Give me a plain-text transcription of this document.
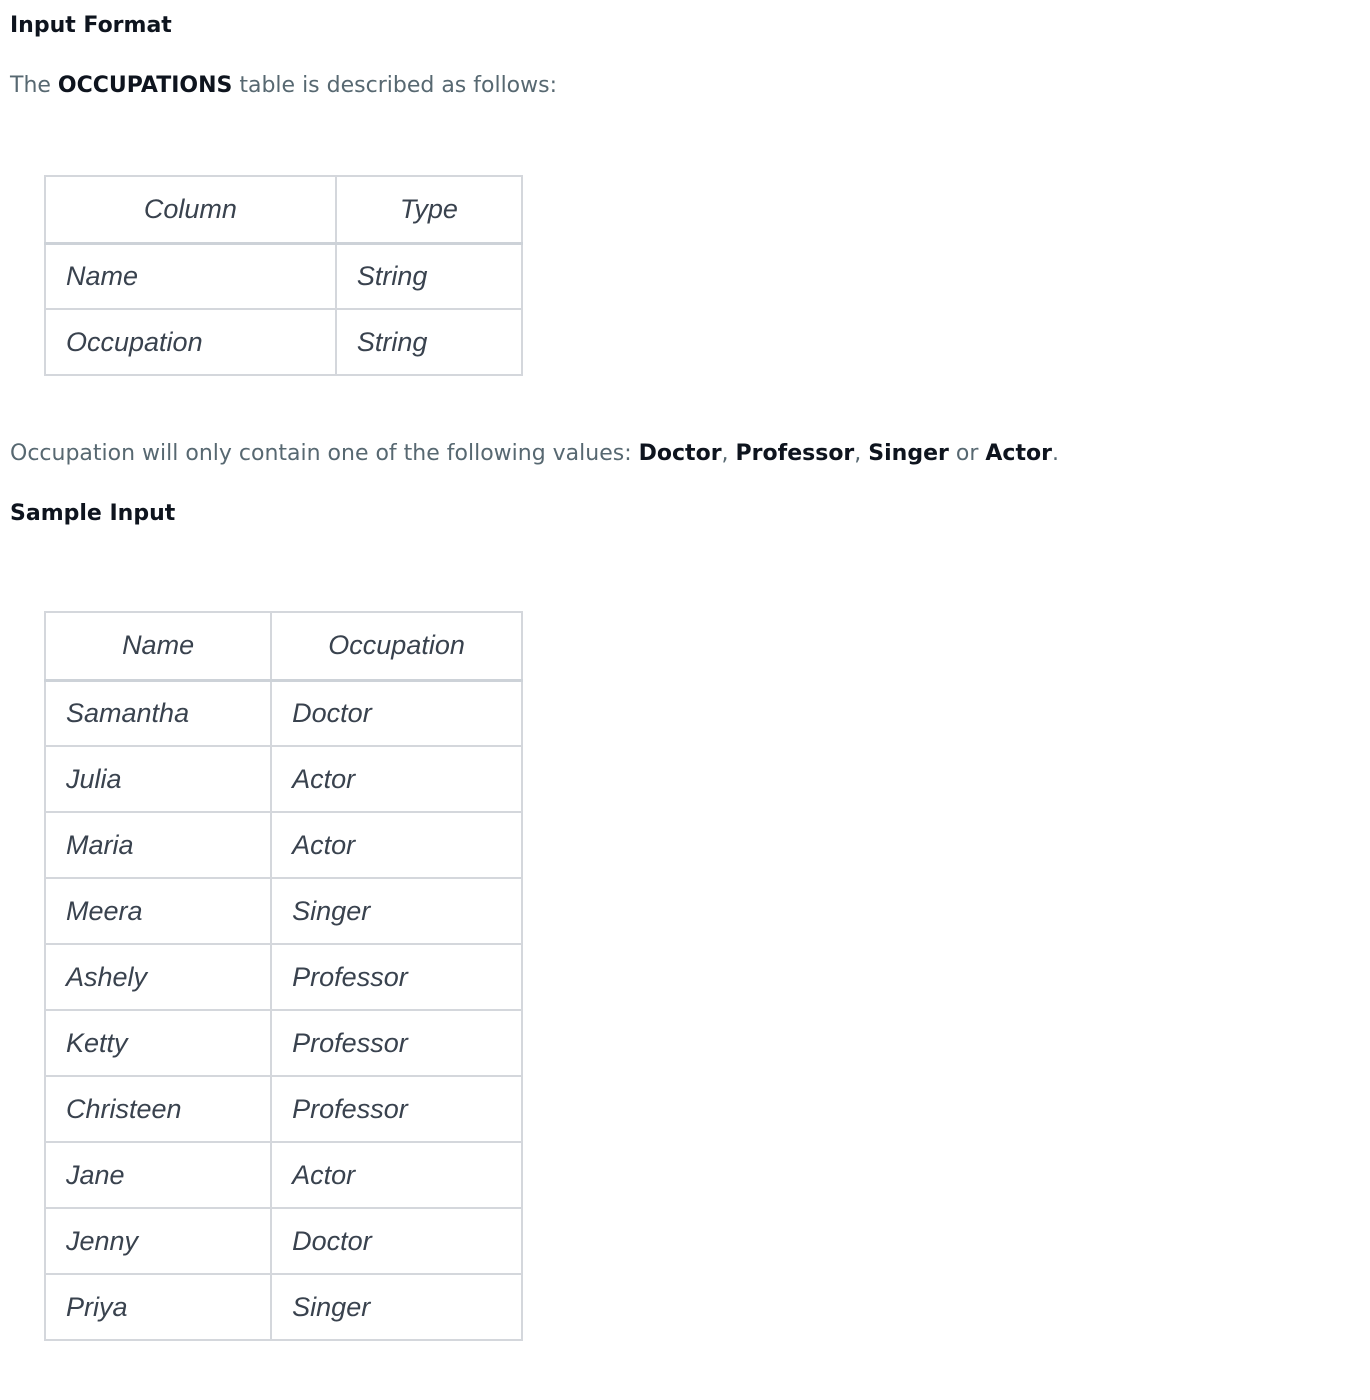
Input Format

The OCCUPATIONS table is described as follows:

Column	Type
Name	String
Occupation	String

Occupation will only contain one of the following values: Doctor, Professor, Singer or Actor.

Sample Input
Name	Occupation
Samantha	Doctor
Julia	Actor
Maria	Actor
Meera	Singer
Ashely	Professor
Ketty	Professor
Christeen	Professor
Jane	Actor
Jenny	Doctor
Priya	Singer
